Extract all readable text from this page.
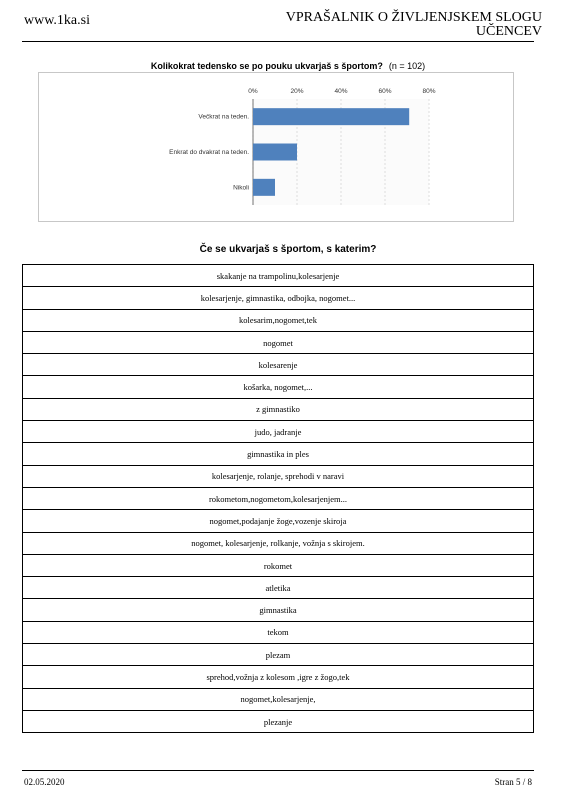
www.1ka.si	VPRAŠALNIK O ŽIVLJENJSKEM SLOGU
UČENCEV
Kolikokrat tedensko se po pouku ukvarjaš s športom? (n = 102)
0%	20%	40%	60%	80%
Večkrat na teden.
Enkrat do dvakrat na teden.
Nikoli
Če se ukvarjaš s športom, s katerim?
skakanje na trampolinu,kolesarjenje
kolesarjenje, gimnastika, odbojka, nogomet...
kolesarim,nogomet,tek
nogomet
kolesarenje
košarka, nogomet,...
z gimnastiko
judo, jadranje
gimnastika in ples
kolesarjenje, rolanje, sprehodi v naravi
rokometom,nogometom,kolesarjenjem...
nogomet,podajanje žoge,vozenje skiroja
nogomet, kolesarjenje, rolkanje, vožnja s skirojem.
rokomet
atletika
gimnastika
tekom
plezam
sprehod,vožnja z kolesom ,igre z žogo,tek
nogomet,kolesarjenje,
plezanje
02.05.2020	Stran 5 / 8
